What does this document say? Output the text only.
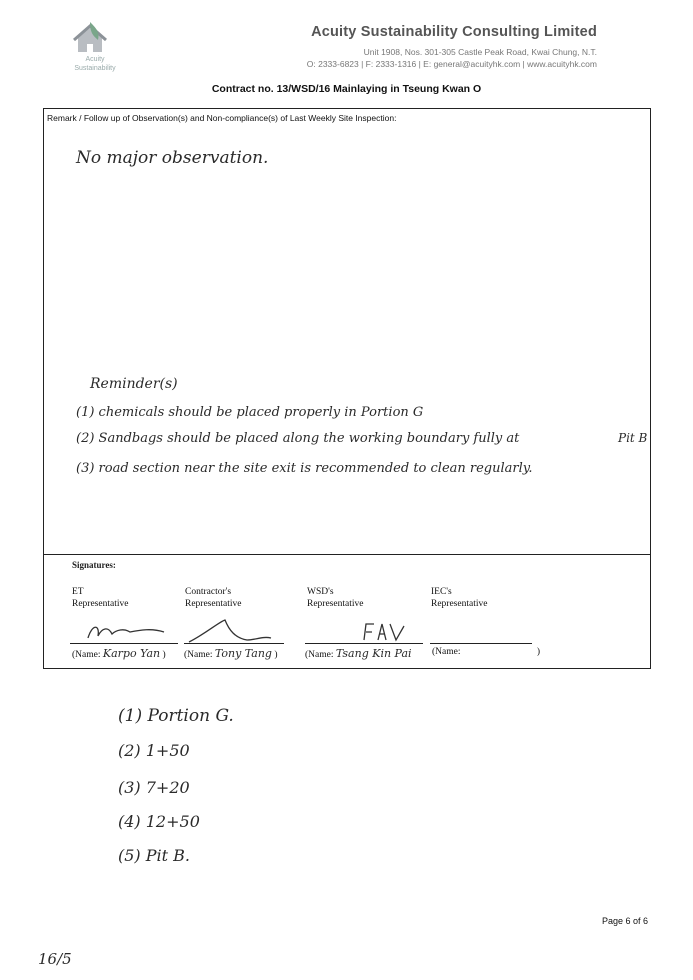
Acuity
Sustainability
Acuity Sustainability Consulting Limited
Unit 1908, Nos. 301-305 Castle Peak Road, Kwai Chung, N.T.
O: 2333-6823 | F: 2333-1316 | E: general@acuityhk.com | www.acuityhk.com
Contract no. 13/WSD/16 Mainlaying in Tseung Kwan O
Remark / Follow up of Observation(s) and Non-compliance(s) of Last Weekly Site Inspection:
No major observation.
Reminder(s)
(1) chemicals should be placed properly in Portion G
(2) Sandbags should be placed along the working boundary fully at	Pit B
(3) road section near the site exit is recommended to clean regularly.
Signatures:
ET
Representative
(Name: Karpo Yan )
Contractor's
Representative
(Name: Tony Tang )
WSD's
Representative
(Name: Tsang Kin Pai
IEC's
Representative
(Name:	)
(1) Portion G.
(2) 1+50
(3) 7+20
(4) 12+50
(5) Pit B.
Page 6 of 6
16/5
